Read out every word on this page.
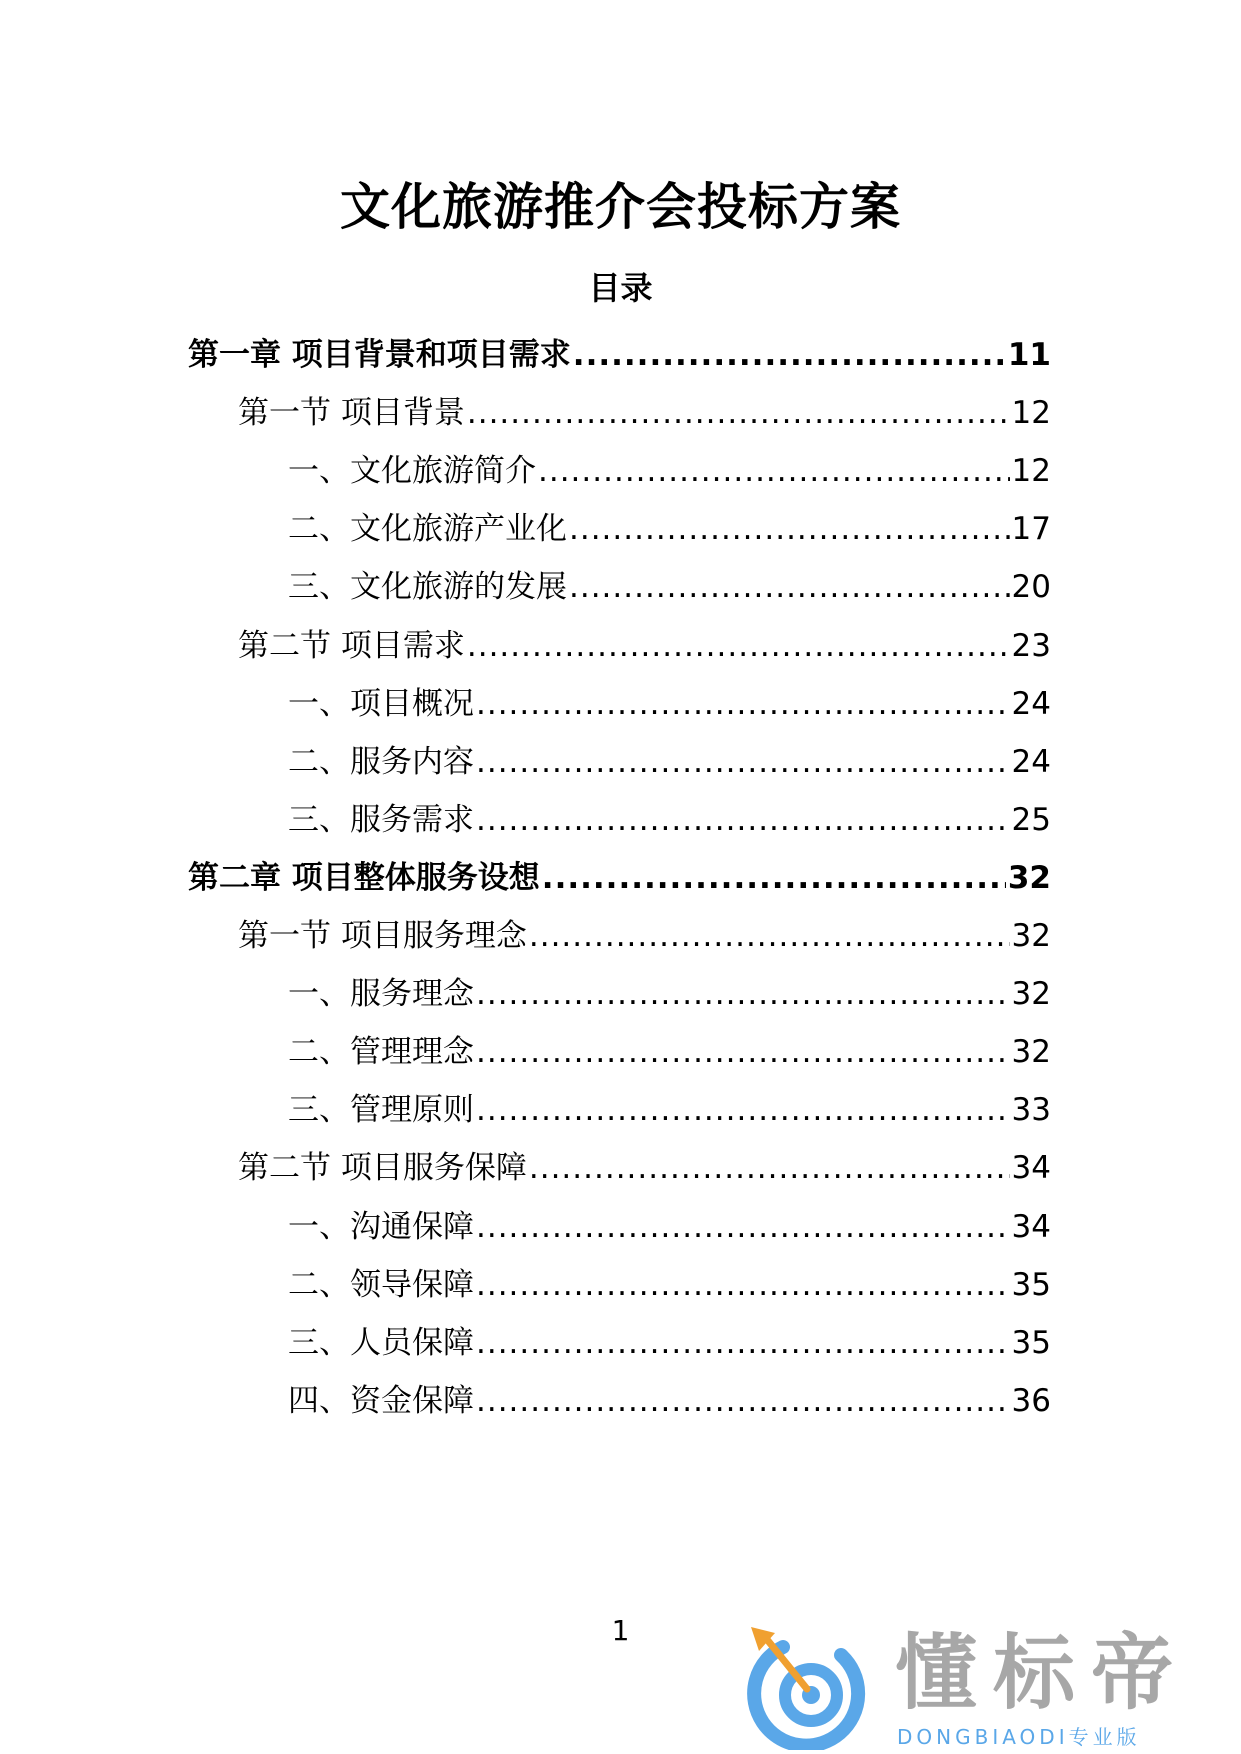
文化旅游推介会投标方案
目录
第一章 项目背景和项目需求 .....	11
第一节 项目背景 .....	12
一、文化旅游简介 .....	12
二、文化旅游产业化 .....	17
三、文化旅游的发展 .....	20
第二节 项目需求 .....	23
一、项目概况 .....	24
二、服务内容 .....	24
三、服务需求 .....	25
第二章 项目整体服务设想 .....	32
第一节 项目服务理念 .....	32
一、服务理念 .....	32
二、管理理念 .....	32
三、管理原则 .....	33
第二节 项目服务保障 .....	34
一、沟通保障 .....	34
二、领导保障 .....	35
三、人员保障 .....	35
四、资金保障 .....	36
1	懂标帝
DONGBIAODI专业版
